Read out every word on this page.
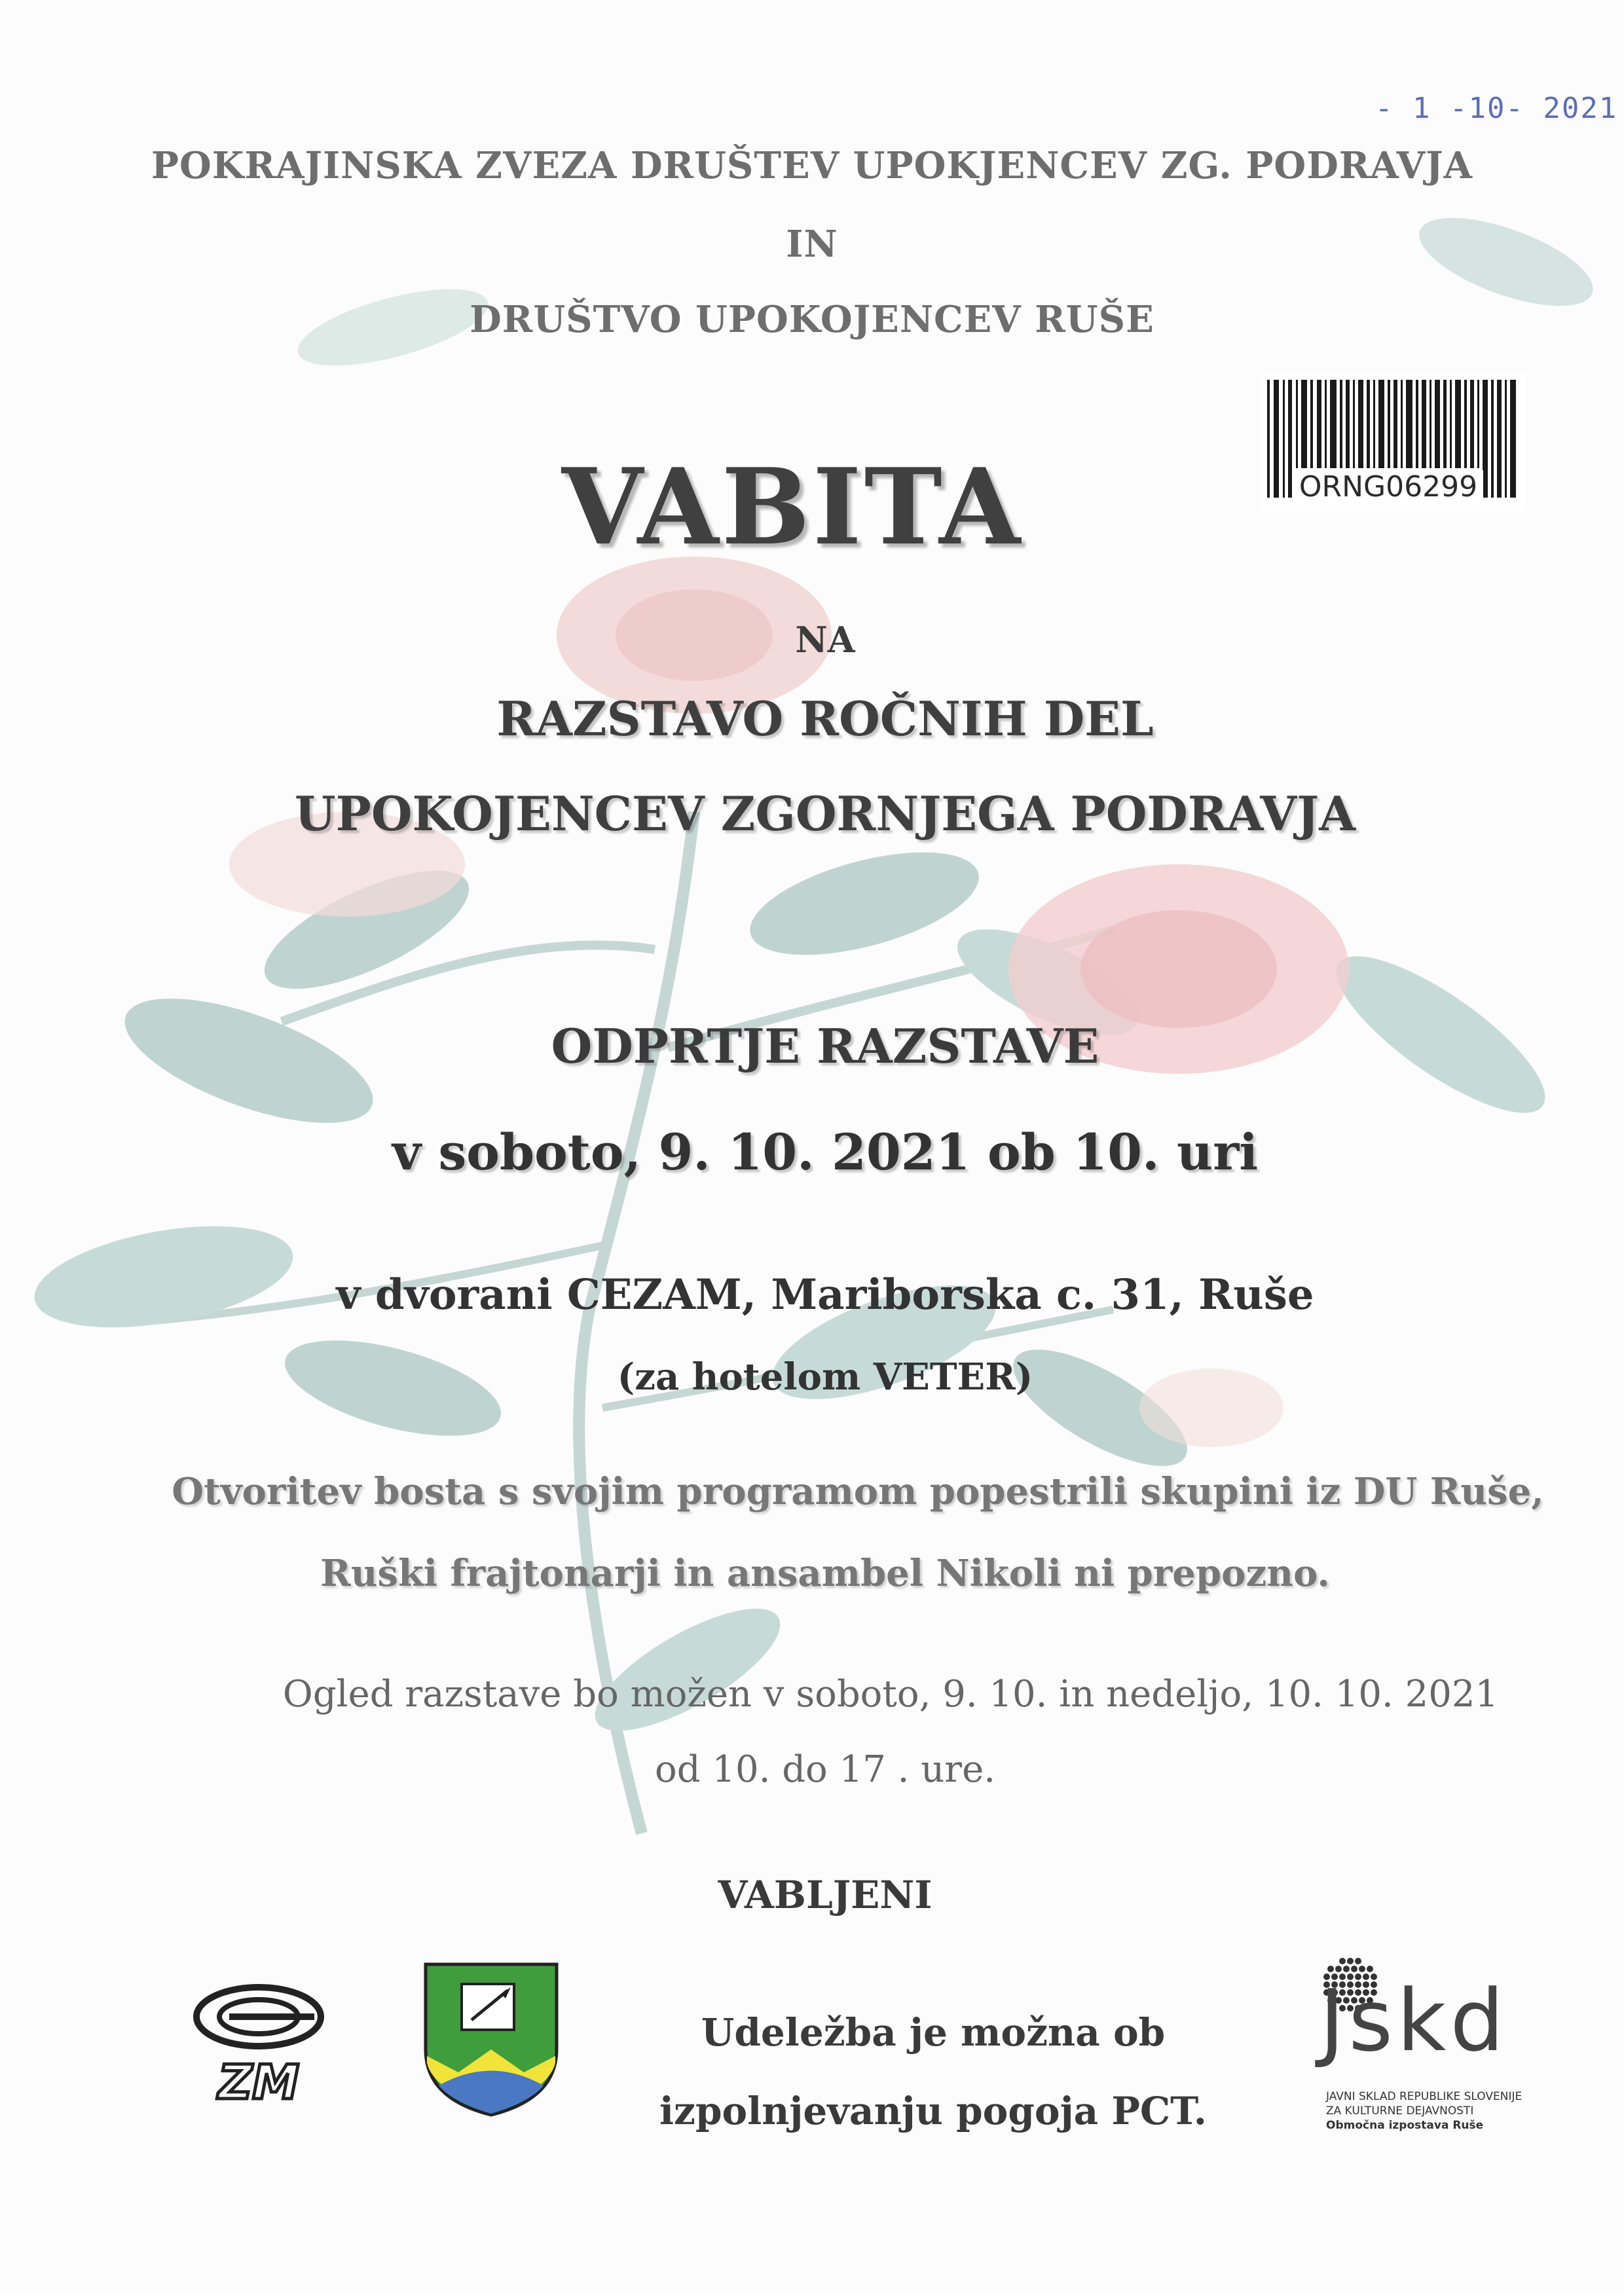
- 1 -10- 2021

ORNG06299

POKRAJINSKA ZVEZA DRUŠTEV UPOKJENCEV ZG. PODRAVJA

IN

DRUŠTVO UPOKOJENCEV RUŠE

VABITA

NA

RAZSTAVO ROČNIH DEL

UPOKOJENCEV ZGORNJEGA PODRAVJA

ODPRTJE RAZSTAVE

v soboto, 9. 10. 2021 ob 10. uri

v dvorani CEZAM, Mariborska c. 31, Ruše

(za hotelom VETER)

Otvoritev bosta s svojim programom popestrili skupini iz DU Ruše,

Ruški frajtonarji in ansambel Nikoli ni prepozno.

Ogled razstave bo možen v soboto, 9. 10. in nedeljo, 10. 10. 2021

od 10. do 17 . ure.

VABLJENI

Udeležba je možna ob

izpolnjevanju pogoja PCT.

ZM

Jskd

JAVNI SKLAD REPUBLIKE SLOVENIJE

ZA KULTURNE DEJAVNOSTI

Območna izpostava Ruše
